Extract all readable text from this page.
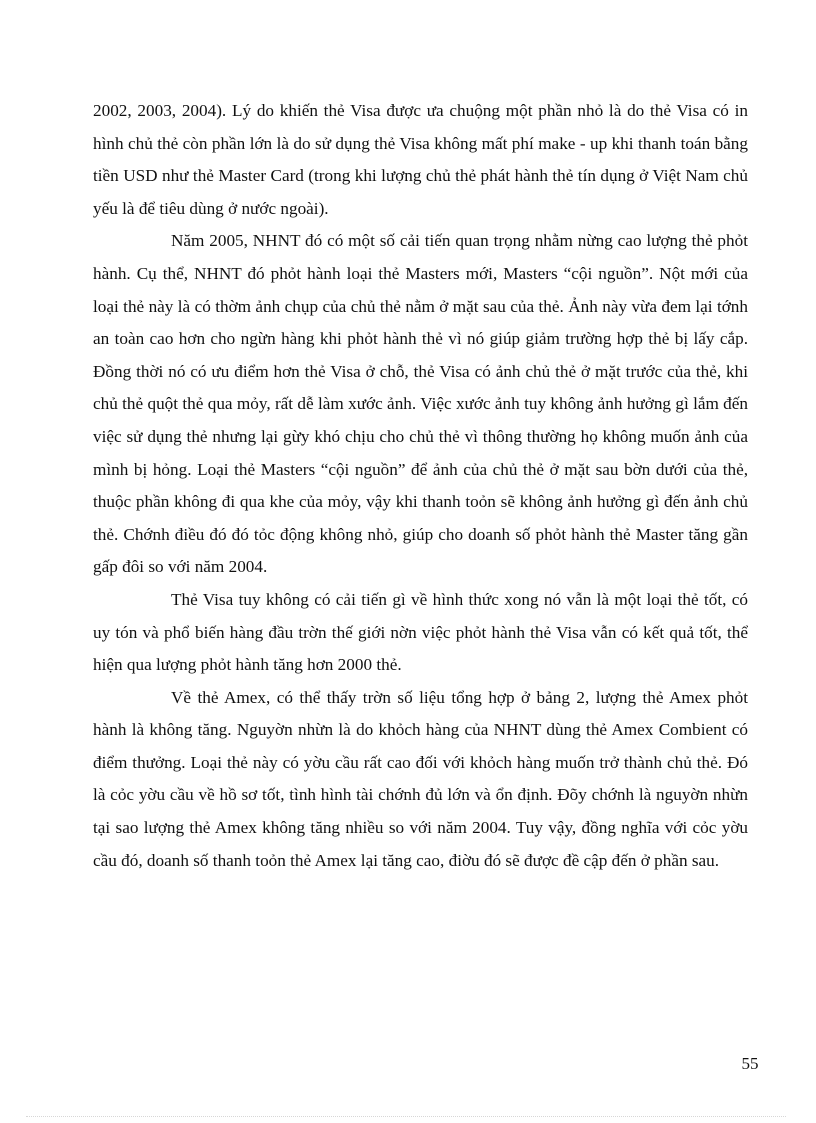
2002, 2003, 2004). Lý do khiến thẻ Visa được ưa chuộng một phần nhỏ là do thẻ Visa có in hình chủ thẻ còn phần lớn là do sử dụng thẻ Visa không mất phí make - up khi thanh toán bằng tiền USD như thẻ Master Card (trong khi lượng chủ thẻ phát hành thẻ tín dụng ở Việt Nam chủ yếu là để tiêu dùng ở nước ngoài).

Năm 2005, NHNT đó có một số cải tiến quan trọng nhằm nừng cao lượng thẻ phỏt hành. Cụ thể, NHNT đó phỏt hành loại thẻ Masters mới, Masters “cội nguồn”. Nột mới của loại thẻ này là có thờm ảnh chụp của chủ thẻ nằm ở mặt sau của thẻ. Ảnh này vừa đem lại tớnh an toàn cao hơn cho ngừn hàng khi phỏt hành thẻ vì nó giúp giảm trường hợp thẻ bị lấy cắp. Đồng thời nó có ưu điểm hơn thẻ Visa ở chỗ, thẻ Visa có ảnh chủ thẻ ở mặt trước của thẻ, khi chủ thẻ quột thẻ qua mỏy, rất dễ làm xước ảnh. Việc xước ảnh tuy không ảnh hưởng gì lắm đến việc sử dụng thẻ nhưng lại gừy khó chịu cho chủ thẻ vì thông thường họ không muốn ảnh của mình bị hỏng. Loại thẻ Masters “cội nguồn” để ảnh của chủ thẻ ở mặt sau bờn dưới của thẻ, thuộc phần không đi qua khe của mỏy, vậy khi thanh toỏn sẽ không ảnh hưởng gì đến ảnh chủ thẻ. Chớnh điều đó đó tỏc động không nhỏ, giúp cho doanh số phỏt hành thẻ Master tăng gần gấp đôi so với năm 2004.

Thẻ Visa tuy không có cải tiến gì về hình thức xong nó vẫn là một loại thẻ tốt, có uy tón và phổ biến hàng đầu trờn thế giới nờn việc phỏt hành thẻ Visa vẫn có kết quả tốt, thể hiện qua lượng phỏt hành tăng hơn 2000 thẻ.

Về thẻ Amex, có thể thấy trờn số liệu tổng hợp ở bảng 2, lượng thẻ Amex phỏt hành là không tăng. Nguyờn nhừn là do khỏch hàng của NHNT dùng thẻ Amex Combient có điểm thưởng. Loại thẻ này có yờu cầu rất cao đối với khỏch hàng muốn trở thành chủ thẻ. Đó là cỏc yờu cầu về hồ sơ tốt, tình hình tài chớnh đủ lớn và ổn định. Đõy chớnh là nguyờn nhừn tại sao lượng thẻ Amex không tăng nhiều so với năm 2004. Tuy vậy, đồng nghĩa với cỏc yờu cầu đó, doanh số thanh toỏn thẻ Amex lại tăng cao, điờu đó sẽ được đề cập đến ở phần sau.

55
